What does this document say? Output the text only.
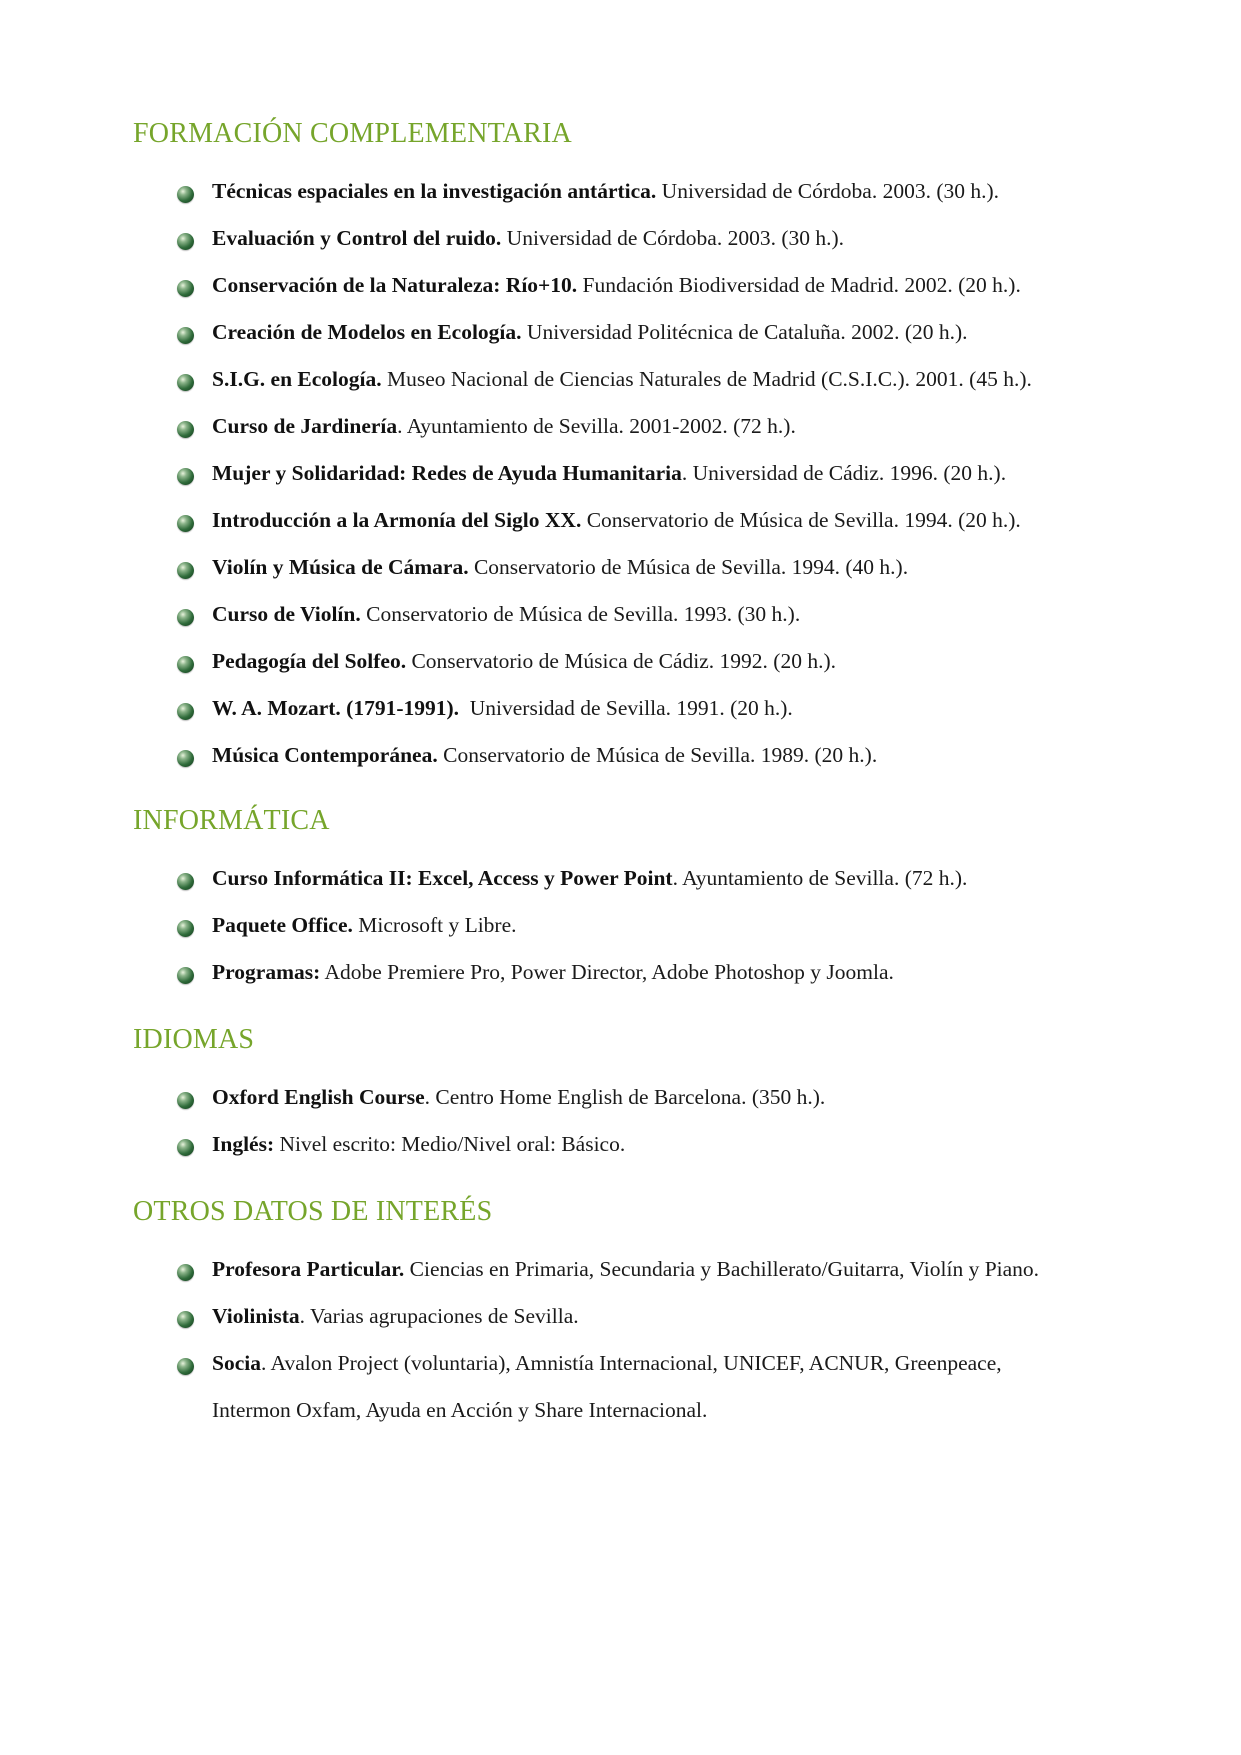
FORMACIÓN COMPLEMENTARIA
Técnicas espaciales en la investigación antártica. Universidad de Córdoba. 2003. (30 h.).
Evaluación y Control del ruido. Universidad de Córdoba. 2003. (30 h.).
Conservación de la Naturaleza: Río+10. Fundación Biodiversidad de Madrid. 2002. (20 h.).
Creación de Modelos en Ecología. Universidad Politécnica de Cataluña. 2002. (20 h.).
S.I.G. en Ecología. Museo Nacional de Ciencias Naturales de Madrid (C.S.I.C.). 2001. (45 h.).
Curso de Jardinería. Ayuntamiento de Sevilla. 2001-2002. (72 h.).
Mujer y Solidaridad: Redes de Ayuda Humanitaria. Universidad de Cádiz. 1996. (20 h.).
Introducción a la Armonía del Siglo XX. Conservatorio de Música de Sevilla. 1994. (20 h.).
Violín y Música de Cámara. Conservatorio de Música de Sevilla. 1994. (40 h.).
Curso de Violín. Conservatorio de Música de Sevilla. 1993. (30 h.).
Pedagogía del Solfeo. Conservatorio de Música de Cádiz. 1992. (20 h.).
W. A. Mozart. (1791-1991).  Universidad de Sevilla. 1991. (20 h.).
Música Contemporánea. Conservatorio de Música de Sevilla. 1989. (20 h.).
INFORMÁTICA
Curso Informática II: Excel, Access y Power Point. Ayuntamiento de Sevilla. (72 h.).
Paquete Office. Microsoft y Libre.
Programas: Adobe Premiere Pro, Power Director, Adobe Photoshop y Joomla.
IDIOMAS
Oxford English Course. Centro Home English de Barcelona. (350 h.).
Inglés: Nivel escrito: Medio/Nivel oral: Básico.
OTROS DATOS DE INTERÉS
Profesora Particular. Ciencias en Primaria, Secundaria y Bachillerato/Guitarra, Violín y Piano.
Violinista. Varias agrupaciones de Sevilla.
Socia. Avalon Project (voluntaria), Amnistía Internacional, UNICEF, ACNUR, Greenpeace,
Intermon Oxfam, Ayuda en Acción y Share Internacional.
